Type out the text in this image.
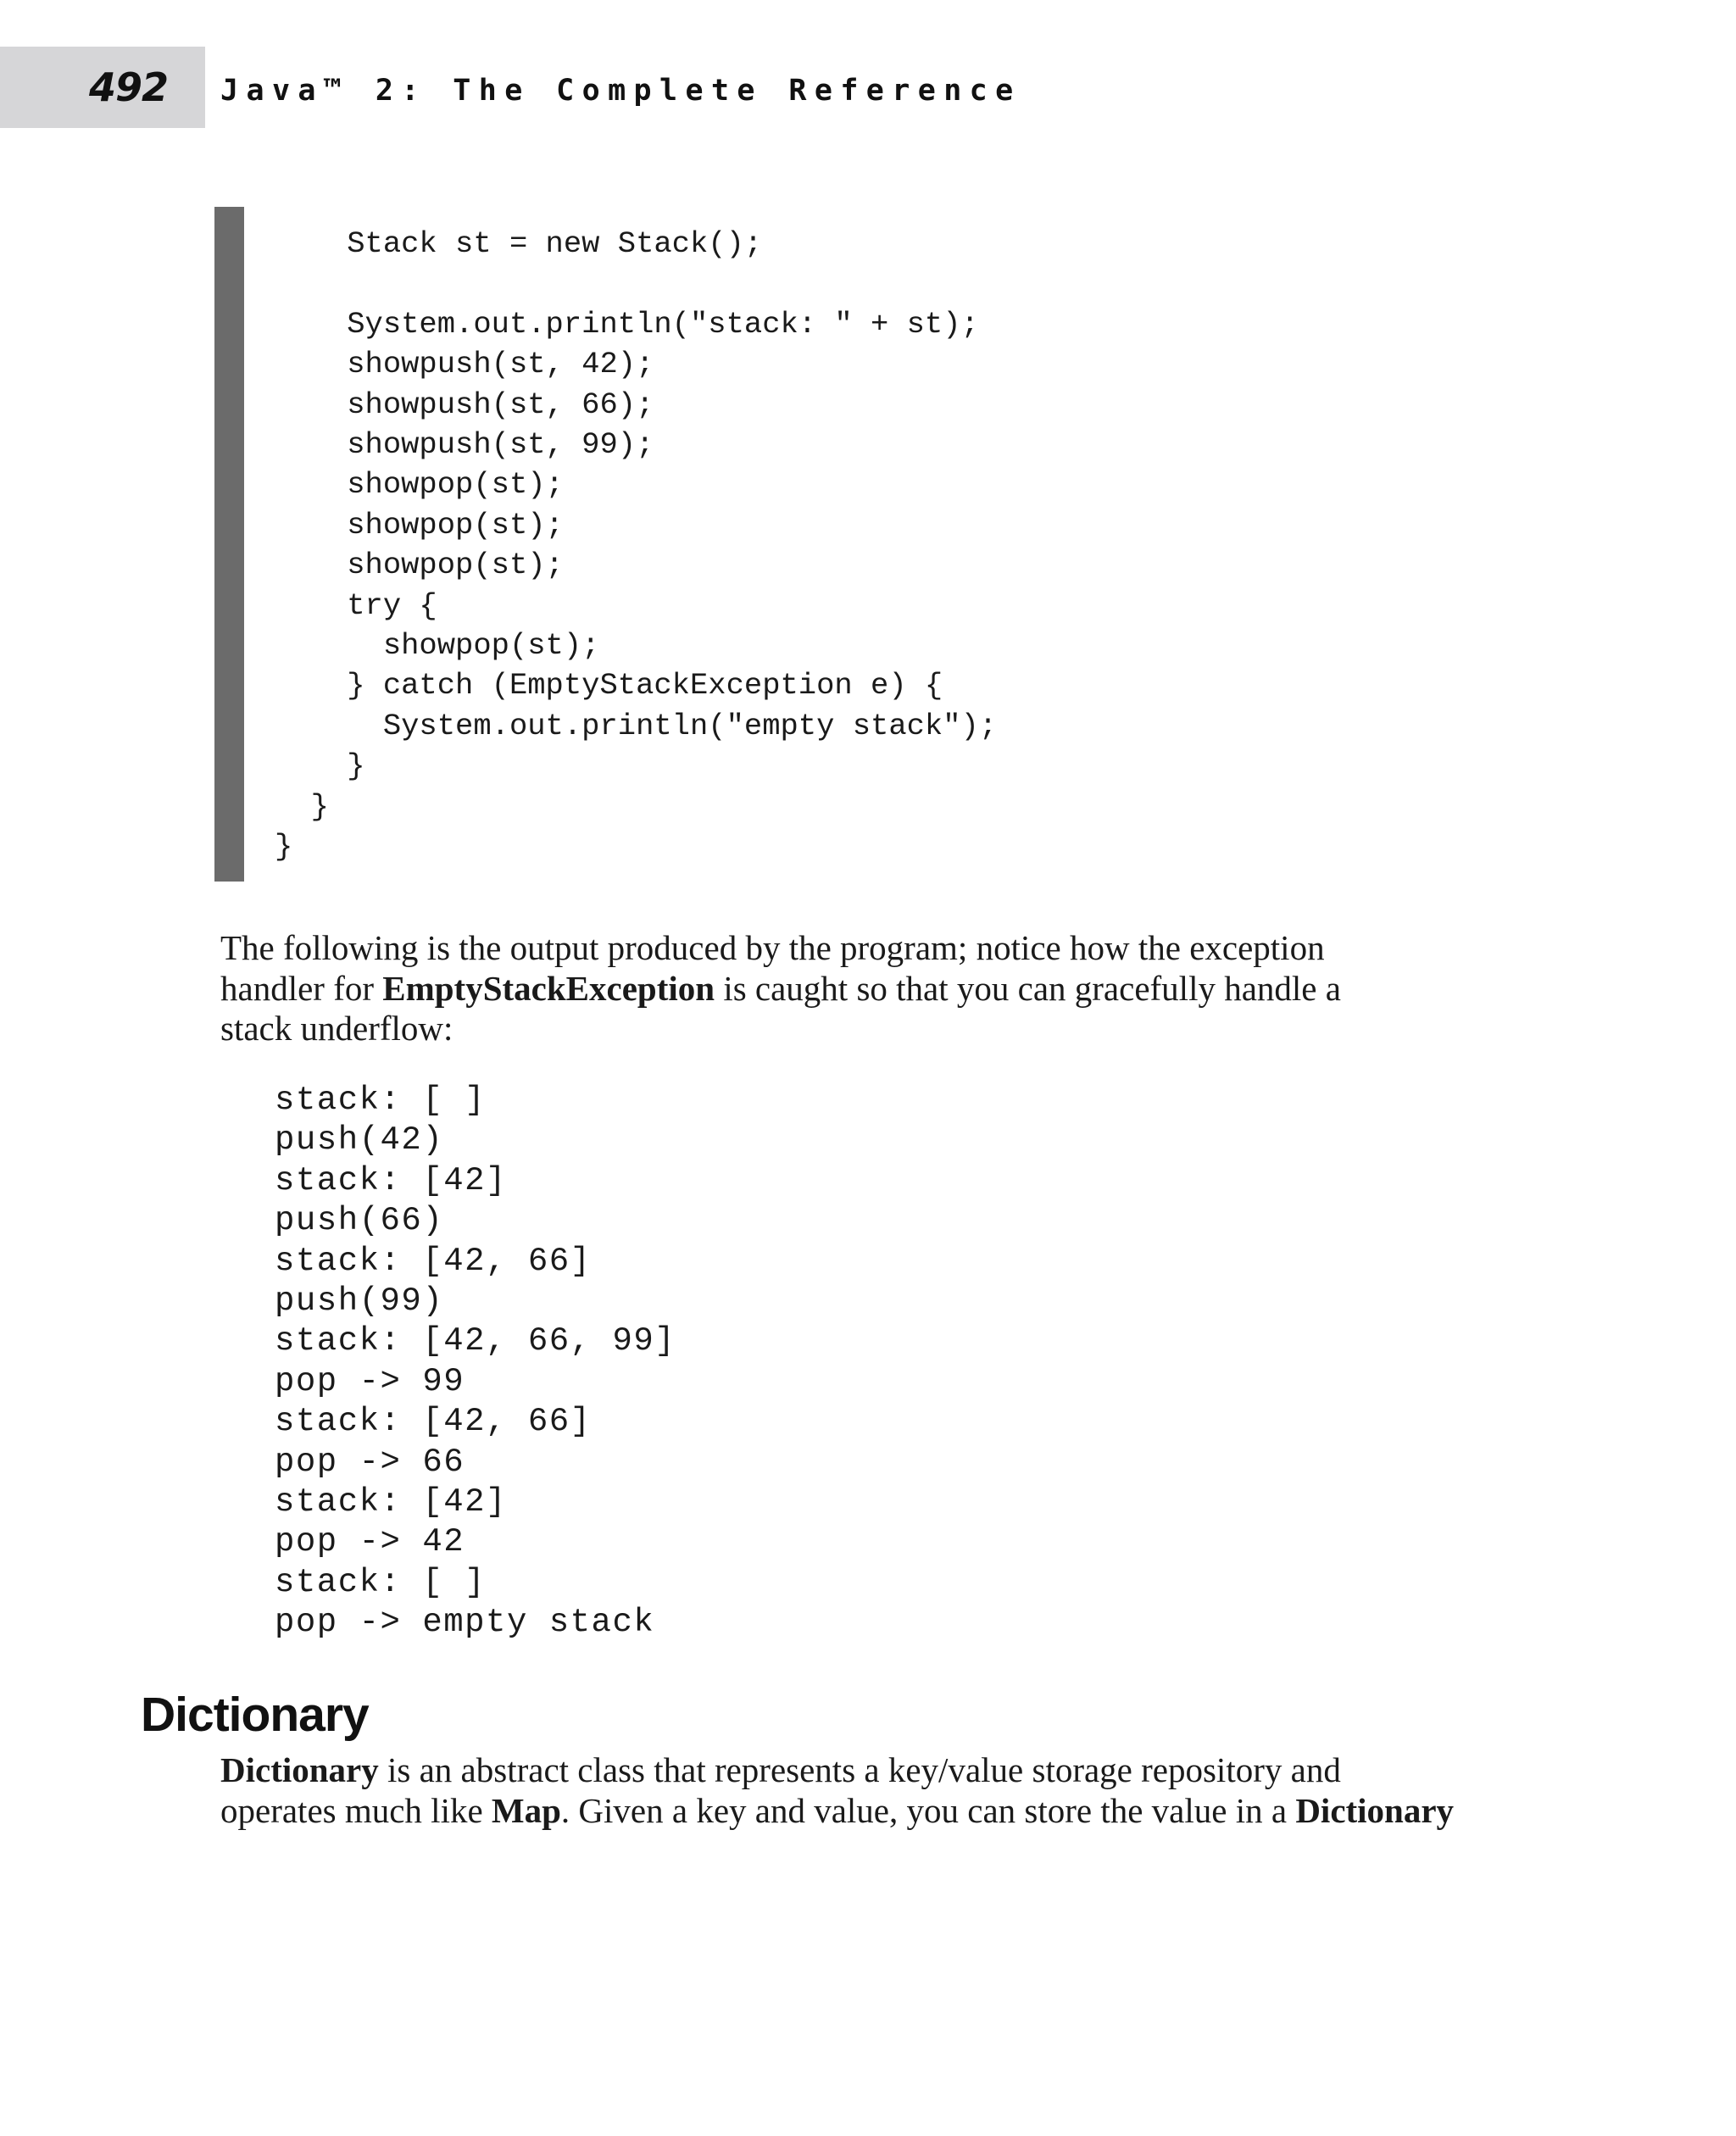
492 Java™ 2: The Complete Reference
Stack st = new Stack();

System.out.println("stack: " + st);
showpush(st, 42);
showpush(st, 66);
showpush(st, 99);
showpop(st);
showpop(st);
showpop(st);
try {
showpop(st);
} catch (EmptyStackException e) {
System.out.println("empty stack");
}
}
}

The following is the output produced by the program; notice how the exception
handler for EmptyStackException is caught so that you can gracefully handle a
stack underflow:

stack: [ ]
push(42)
stack: [42]
push(66)
stack: [42, 66]
push(99)
stack: [42, 66, 99]
pop -> 99
stack: [42, 66]
pop -> 66
stack: [42]
pop -> 42
stack: [ ]
pop -> empty stack
Dictionary

Dictionary is an abstract class that represents a key/value storage repository and
operates much like Map. Given a key and value, you can store the value in a Dictionary
